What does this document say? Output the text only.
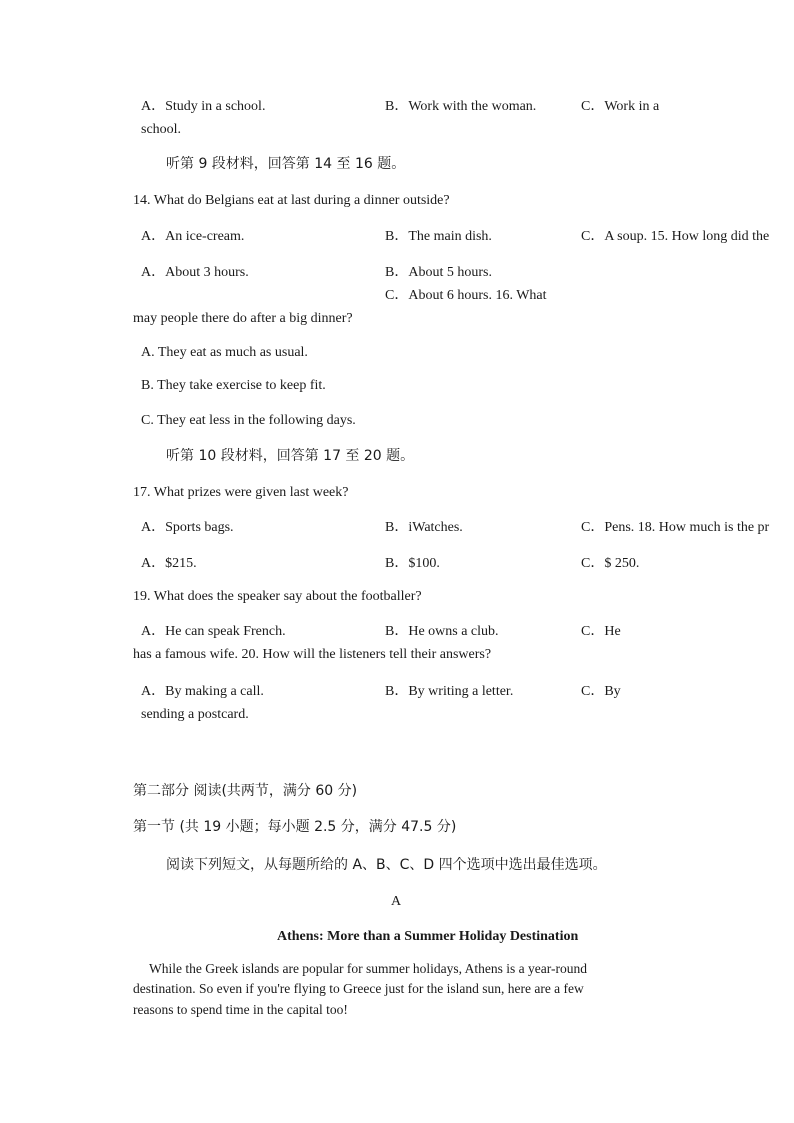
A．Study in a school.	B．Work with the woman.	C．Work in a
school.
听第 9 段材料，回答第 14 至 16 题。
14. What do Belgians eat at last during a dinner outside?
A．An ice-cream.	B．The main dish.	C．A soup. 15. How long did the
A．About 3 hours.	B．About 5 hours.
C．About 6 hours. 16. What
may people there do after a big dinner?
A. They eat as much as usual.
B. They take exercise to keep fit.
C. They eat less in the following days.
听第 10 段材料，回答第 17 至 20 题。
17. What prizes were given last week?
A．Sports bags.	B．iWatches.	C．Pens. 18. How much is the pr
A．$215.	B．$100.	C．$ 250.
19. What does the speaker say about the footballer?
A．He can speak French.	B．He owns a club.	C．He
has a famous wife. 20. How will the listeners tell their answers?
A．By making a call.	B．By writing a letter.	C．By
sending a postcard.
第二部分 阅读(共两节，满分 60 分)
第一节 (共 19 小题；每小题 2.5 分，满分 47.5 分)
阅读下列短文，从每题所给的 A、B、C、D 四个选项中选出最佳选项。
A
Athens: More than a Summer Holiday Destination
While the Greek islands are popular for summer holidays, Athens is a year-round
destination. So even if you're flying to Greece just for the island sun, here are a few
reasons to spend time in the capital too!
